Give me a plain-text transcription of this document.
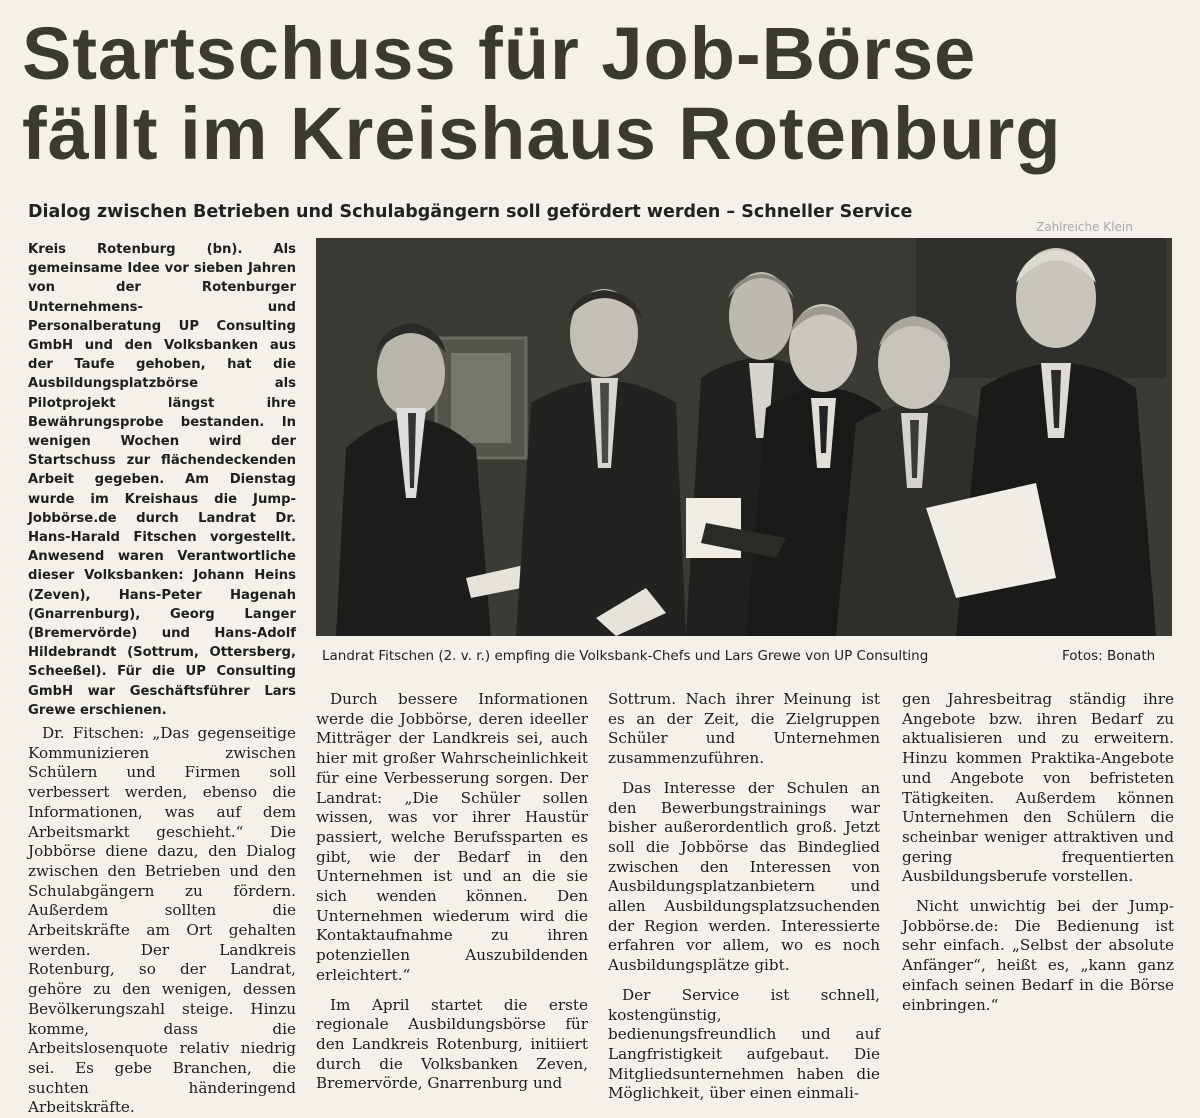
Startschuss für Job-Börse
fällt im Kreishaus Rotenburg
Dialog zwischen Betrieben und Schulabgängern soll gefördert werden – Schneller Service
Zahlreiche Klein
Kreis Rotenburg (bn). Als gemeinsame Idee vor sieben Jahren von der Rotenburger Unternehmens- und Personalberatung UP Consulting GmbH und den Volksbanken aus der Taufe gehoben, hat die Ausbildungsplatzbörse als Pilotprojekt längst ihre Bewährungsprobe bestanden. In wenigen Wochen wird der Startschuss zur flächendeckenden Arbeit gegeben. Am Dienstag wurde im Kreishaus die Jump-Jobbörse.de durch Landrat Dr. Hans-Harald Fitschen vorgestellt. Anwesend waren Verantwortliche dieser Volksbanken: Johann Heins (Zeven), Hans-Peter Hagenah (Gnarrenburg), Georg Langer (Bremervörde) und Hans-Adolf Hildebrandt (Sottrum, Ottersberg, Scheeßel). Für die UP Consulting GmbH war Geschäftsführer Lars Grewe erschienen.
Landrat Fitschen (2. v. r.) empfing die Volksbank-Chefs und Lars Grewe von UP Consulting	Fotos: Bonath

Dr. Fitschen: „Das gegenseitige Kommunizieren zwischen Schülern und Firmen soll verbessert werden, ebenso die Informationen, was auf dem Arbeitsmarkt geschieht.“ Die Jobbörse diene dazu, den Dialog zwischen den Betrieben und den Schulabgängern zu fördern. Außerdem sollten die Arbeitskräfte am Ort gehalten werden. Der Landkreis Rotenburg, so der Landrat, gehöre zu den wenigen, dessen Bevölkerungszahl steige. Hinzu komme, dass die Arbeitslosenquote relativ niedrig sei. Es gebe Branchen, die suchten händeringend Arbeitskräfte.

Durch bessere Informationen werde die Jobbörse, deren ideeller Mitträger der Landkreis sei, auch hier mit großer Wahrscheinlichkeit für eine Verbesserung sorgen. Der Landrat: „Die Schüler sollen wissen, was vor ihrer Haustür passiert, welche Berufssparten es gibt, wie der Bedarf in den Unternehmen ist und an die sie sich wenden können. Den Unternehmen wiederum wird die Kontaktaufnahme zu ihren potenziellen Auszubildenden erleichtert.“

Im April startet die erste regionale Ausbildungsbörse für den Landkreis Rotenburg, initiiert durch die Volksbanken Zeven, Bremervörde, Gnarrenburg und

Sottrum. Nach ihrer Meinung ist es an der Zeit, die Zielgruppen Schüler und Unternehmen zusammenzuführen.

Das Interesse der Schulen an den Bewerbungstrainings war bisher außerordentlich groß. Jetzt soll die Jobbörse das Bindeglied zwischen den Interessen von Ausbildungsplatzanbietern und allen Ausbildungsplatzsuchenden der Region werden. Interessierte erfahren vor allem, wo es noch Ausbildungsplätze gibt.

Der Service ist schnell, kostengünstig, bedienungsfreundlich und auf Langfristigkeit aufgebaut. Die Mitgliedsunternehmen haben die Möglichkeit, über einen einmali-

gen Jahresbeitrag ständig ihre Angebote bzw. ihren Bedarf zu aktualisieren und zu erweitern. Hinzu kommen Praktika-Angebote und Angebote von befristeten Tätigkeiten. Außerdem können Unternehmen den Schülern die scheinbar weniger attraktiven und gering frequentierten Ausbildungsberufe vorstellen.

Nicht unwichtig bei der Jump-Jobbörse.de: Die Bedienung ist sehr einfach. „Selbst der absolute Anfänger“, heißt es, „kann ganz einfach seinen Bedarf in die Börse einbringen.“
